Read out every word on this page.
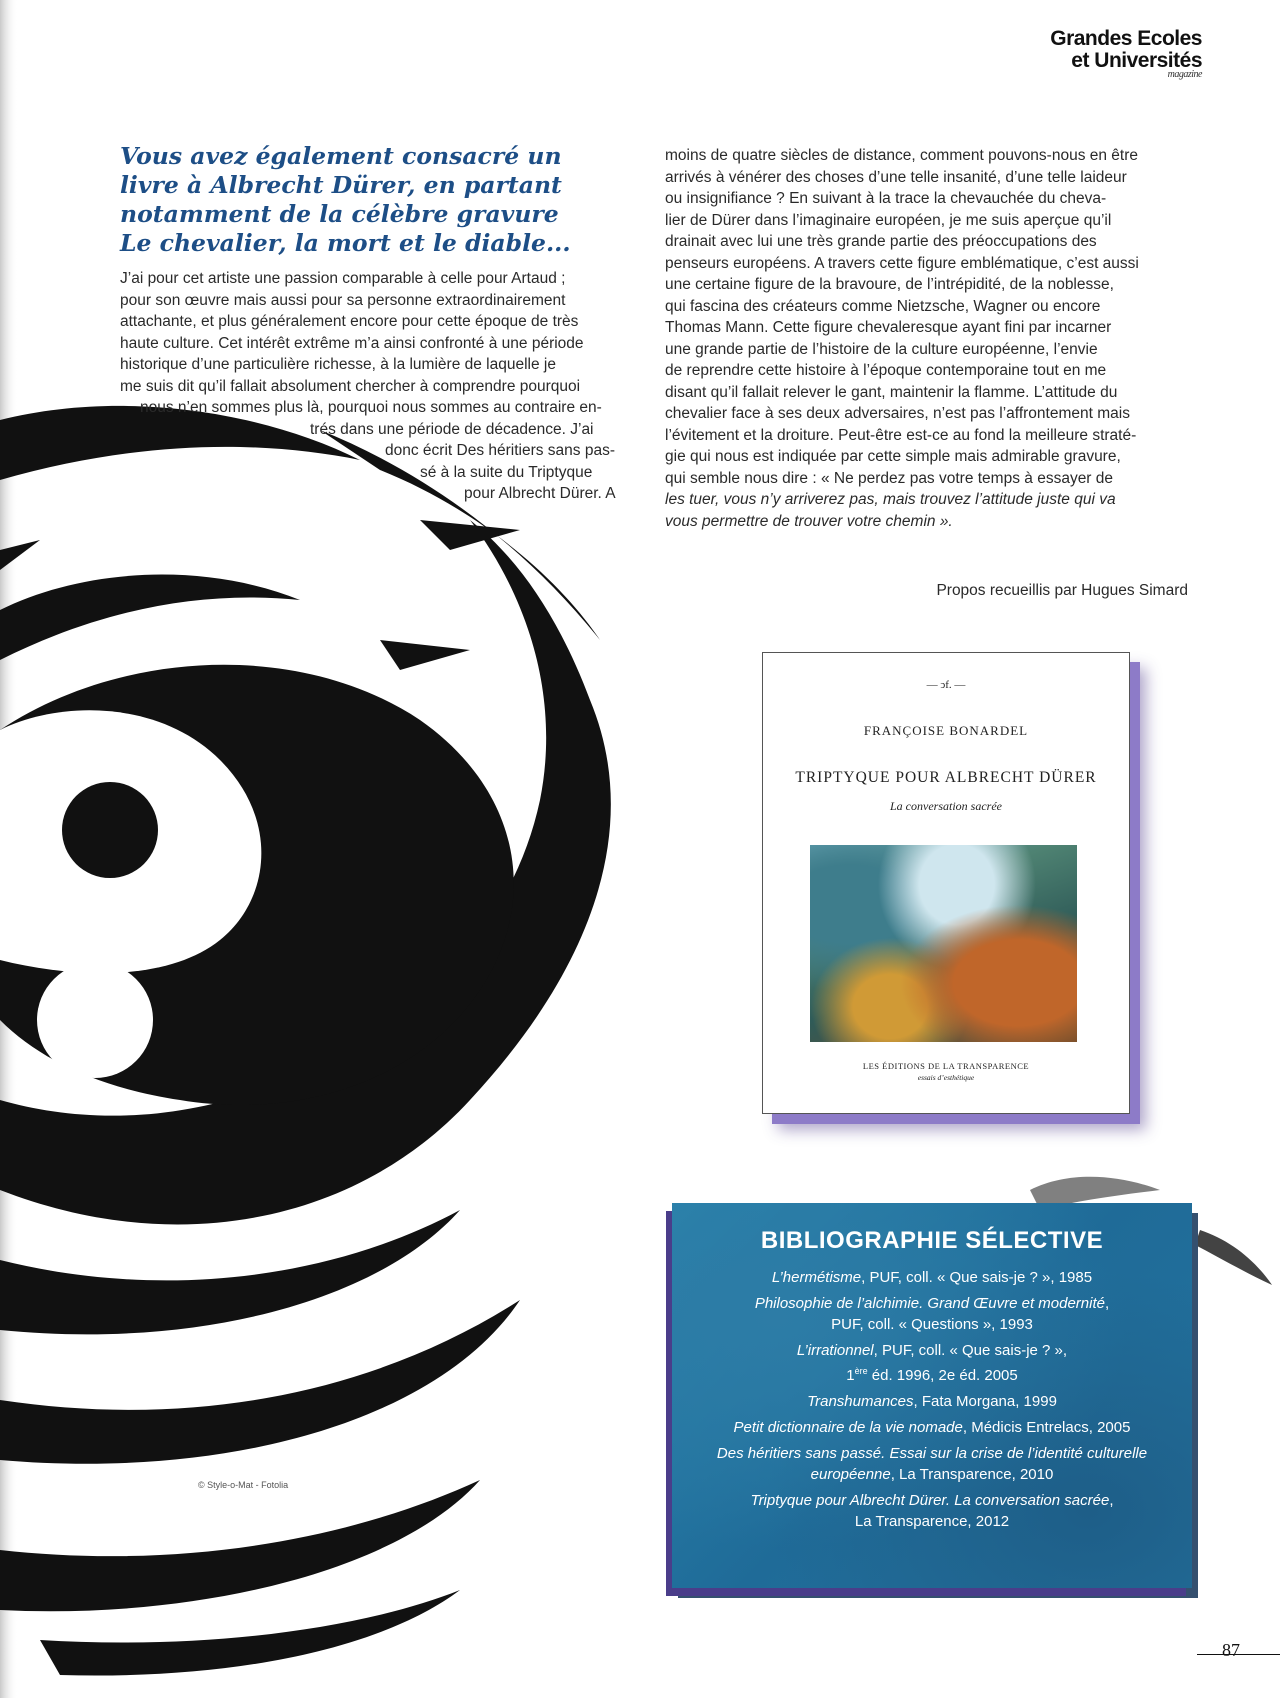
Grandes Ecoles
et Universités
magazine
Vous avez également consacré un
livre à Albrecht Dürer, en partant
notamment de la célèbre gravure
Le chevalier, la mort et le diable...
J’ai pour cet artiste une passion comparable à celle pour Artaud ;
pour son œuvre mais aussi pour sa personne extraordinairement
attachante, et plus généralement encore pour cette époque de très
haute culture. Cet intérêt extrême m’a ainsi confronté à une période
historique d’une particulière richesse, à la lumière de laquelle je
me suis dit qu’il fallait absolument chercher à comprendre pourquoi
nous n’en sommes plus là, pourquoi nous sommes au contraire en-
trés dans une période de décadence. J’ai
donc écrit Des héritiers sans pas-
sé à la suite du Triptyque
pour Albrecht Dürer. A
moins de quatre siècles de distance, comment pouvons-nous en être
arrivés à vénérer des choses d’une telle insanité, d’une telle laideur
ou insignifiance ? En suivant à la trace la chevauchée du cheva-
lier de Dürer dans l’imaginaire européen, je me suis aperçue qu’il
drainait avec lui une très grande partie des préoccupations des
penseurs européens. A travers cette figure emblématique, c’est aussi
une certaine figure de la bravoure, de l’intrépidité, de la noblesse,
qui fascina des créateurs comme Nietzsche, Wagner ou encore
Thomas Mann. Cette figure chevaleresque ayant fini par incarner
une grande partie de l’histoire de la culture européenne, l’envie
de reprendre cette histoire à l’époque contemporaine tout en me
disant qu’il fallait relever le gant, maintenir la flamme. L’attitude du
chevalier face à ses deux adversaires, n’est pas l’affrontement mais
l’évitement et la droiture. Peut-être est-ce au fond la meilleure straté-
gie qui nous est indiquée par cette simple mais admirable gravure,
qui semble nous dire : « Ne perdez pas votre temps à essayer de
les tuer, vous n’y arriverez pas, mais trouvez l’attitude juste qui va
vous permettre de trouver votre chemin ».
Propos recueillis par Hugues Simard
© Style-o-Mat - Fotolia
— ↄf. —
FRANÇOISE BONARDEL
TRIPTYQUE POUR ALBRECHT DÜRER
La conversation sacrée
LES ÉDITIONS DE LA TRANSPARENCE
essais d’esthétique
BIBLIOGRAPHIE SÉLECTIVE
L’hermétisme, PUF, coll. « Que sais-je ? », 1985
Philosophie de l’alchimie. Grand Œuvre et modernité,
PUF, coll. « Questions », 1993
L’irrationnel, PUF, coll. « Que sais-je ? »,
1ère éd. 1996, 2e éd. 2005
Transhumances, Fata Morgana, 1999
Petit dictionnaire de la vie nomade, Médicis Entrelacs, 2005
Des héritiers sans passé. Essai sur la crise de l’identité culturelle
européenne, La Transparence, 2010
Triptyque pour Albrecht Dürer. La conversation sacrée,
La Transparence, 2012
87
